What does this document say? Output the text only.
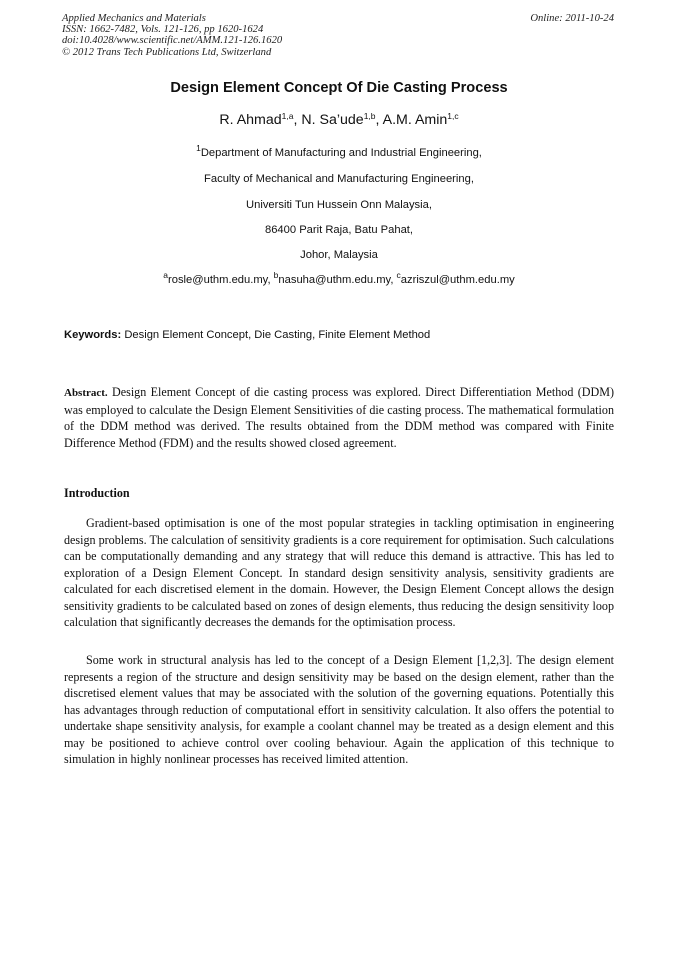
Applied Mechanics and Materials
ISSN: 1662-7482, Vols. 121-126, pp 1620-1624
doi:10.4028/www.scientific.net/AMM.121-126.1620
© 2012 Trans Tech Publications Ltd, Switzerland
Online: 2011-10-24
Design Element Concept Of Die Casting Process
R. Ahmad$^{1,a}$, N. Sa’ude$^{1,b}$, A.M. Amin$^{1,c}$
$^1$Department of Manufacturing and Industrial Engineering,
Faculty of Mechanical and Manufacturing Engineering,
Universiti Tun Hussein Onn Malaysia,
86400 Parit Raja, Batu Pahat,
Johor, Malaysia
$^a$rosle@uthm.edu.my, $^b$nasuha@uthm.edu.my, $^c$azriszul@uthm.edu.my
Keywords: Design Element Concept, Die Casting, Finite Element Method
Abstract. Design Element Concept of die casting process was explored. Direct Differentiation Method (DDM) was employed to calculate the Design Element Sensitivities of die casting process. The mathematical formulation of the DDM method was derived. The results obtained from the DDM method was compared with Finite Difference Method (FDM) and the results showed closed agreement.
Introduction
Gradient-based optimisation is one of the most popular strategies in tackling optimisation in engineering design problems. The calculation of sensitivity gradients is a core requirement for optimisation. Such calculations can be computationally demanding and any strategy that will reduce this demand is attractive. This has led to exploration of a Design Element Concept. In standard design sensitivity analysis, sensitivity gradients are calculated for each discretised element in the domain. However, the Design Element Concept allows the design sensitivity gradients to be calculated based on zones of design elements, thus reducing the design sensitivity loop calculation that significantly decreases the demands for the optimisation process.
Some work in structural analysis has led to the concept of a Design Element [1,2,3]. The design element represents a region of the structure and design sensitivity may be based on the design element, rather than the discretised element values that may be associated with the solution of the governing equations. Potentially this has advantages through reduction of computational effort in sensitivity calculation. It also offers the potential to undertake shape sensitivity analysis, for example a coolant channel may be treated as a design element and this may be positioned to achieve control over cooling behaviour. Again the application of this technique to simulation in highly nonlinear processes has received limited attention.
